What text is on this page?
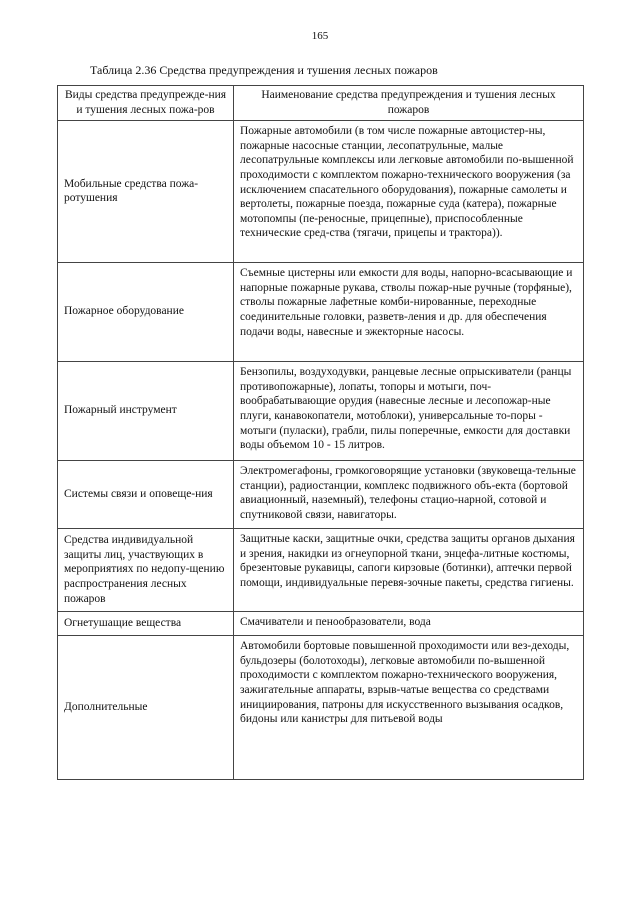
165
Таблица 2.36 Средства предупреждения и тушения лесных пожаров
Виды средства предупрежде-ния и тушения лесных пожа-ров	Наименование средства предупреждения и тушения лесных пожаров
Мобильные средства пожа-ротушения	Пожарные автомобили (в том числе пожарные автоцистер-ны, пожарные насосные станции, лесопатрульные, малые лесопатрульные комплексы или легковые автомобили по-вышенной проходимости с комплектом пожарно-технического вооружения (за исключением спасательного оборудования), пожарные самолеты и вертолеты, пожарные поезда, пожарные суда (катера), пожарные мотопомпы (пе-реносные, прицепные), приспособленные технические сред-ства (тягачи, прицепы и трактора)).
Пожарное оборудование	Съемные цистерны или емкости для воды, напорно-всасывающие и напорные пожарные рукава, стволы пожар-ные ручные (торфяные), стволы пожарные лафетные комби-нированные, переходные соединительные головки, разветв-ления и др. для обеспечения подачи воды, навесные и эжекторные насосы.
Пожарный инструмент	Бензопилы, воздуходувки, ранцевые лесные опрыскиватели (ранцы противопожарные), лопаты, топоры и мотыги, поч-вообрабатывающие орудия (навесные лесные и лесопожар-ные плуги, канавокопатели, мотоблоки), универсальные то-поры - мотыги (пуласки), грабли, пилы поперечные, емкости для доставки воды объемом 10 - 15 литров.
Системы связи и оповеще-ния	Электромегафоны, громкоговорящие установки (звуковеща-тельные станции), радиостанции, комплекс подвижного объ-екта (бортовой авиационный, наземный), телефоны стацио-нарной, сотовой и спутниковой связи, навигаторы.
Средства индивидуальной защиты лиц, участвующих в мероприятиях по недопу-щению распространения лесных пожаров	Защитные каски, защитные очки, средства защиты органов дыхания и зрения, накидки из огнеупорной ткани, энцефа-литные костюмы, брезентовые рукавицы, сапоги кирзовые (ботинки), аптечки первой помощи, индивидуальные перевя-зочные пакеты, средства гигиены.
Огнетушащие вещества	Смачиватели и пенообразователи, вода
Дополнительные	Автомобили бортовые повышенной проходимости или вез-деходы, бульдозеры (болотоходы), легковые автомобили по-вышенной проходимости с комплектом пожарно-технического вооружения, зажигательные аппараты, взрыв-чатые вещества со средствами инициирования, патроны для искусственного вызывания осадков, бидоны или канистры для питьевой воды
